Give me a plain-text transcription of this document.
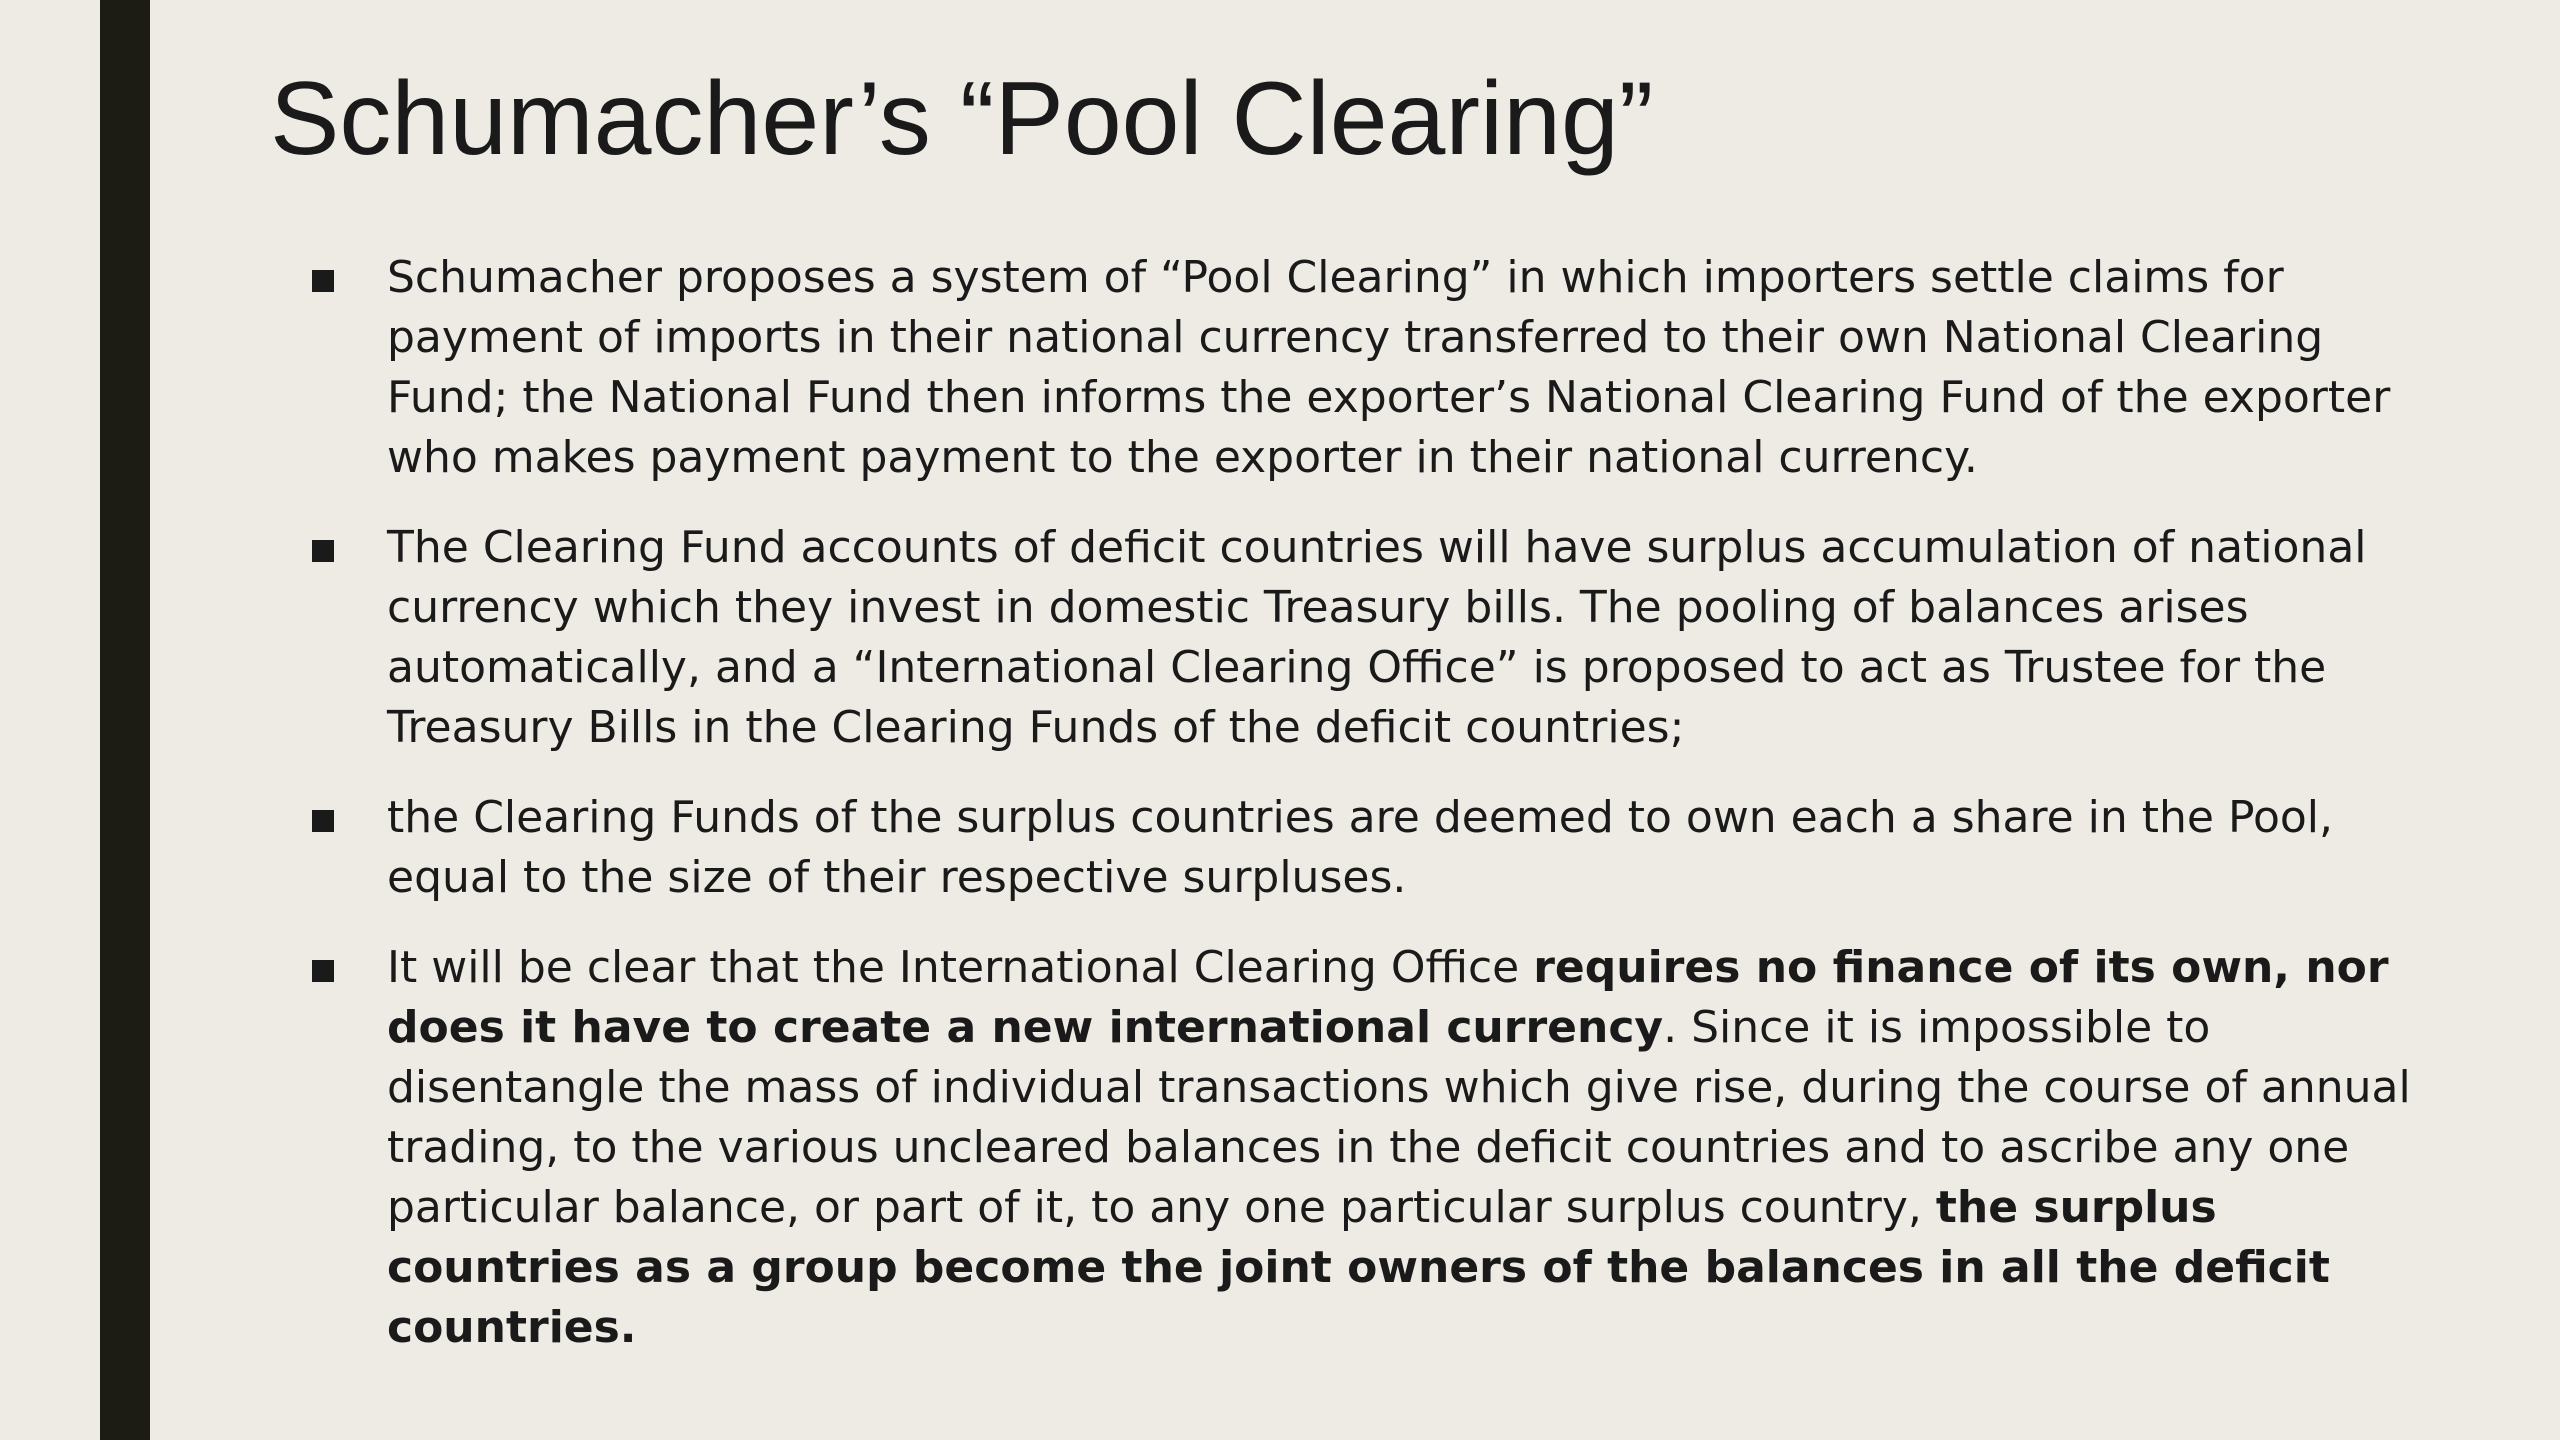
Schumacher’s “Pool Clearing”
Schumacher proposes a system of “Pool Clearing” in which importers settle claims for payment of imports in their national currency transferred to their own National Clearing Fund; the National Fund then informs the exporter’s National Clearing Fund of the exporter who makes payment payment to the exporter in their national currency.
The Clearing Fund accounts of deficit countries will have surplus accumulation of national currency which they invest in domestic Treasury bills. The pooling of balances arises automatically, and a “International Clearing Office” is proposed to act as Trustee for the Treasury Bills in the Clearing Funds of the deficit countries;
the Clearing Funds of the surplus countries are deemed to own each a share in the Pool, equal to the size of their respective surpluses.
It will be clear that the International Clearing Office requires no finance of its own, nor does it have to create a new international currency. Since it is impossible to disentangle the mass of individual transactions which give rise, during the course of annual trading, to the various uncleared balances in the deficit countries and to ascribe any one particular balance, or part of it, to any one particular surplus country, the surplus countries as a group become the joint owners of the balances in all the deficit countries.
